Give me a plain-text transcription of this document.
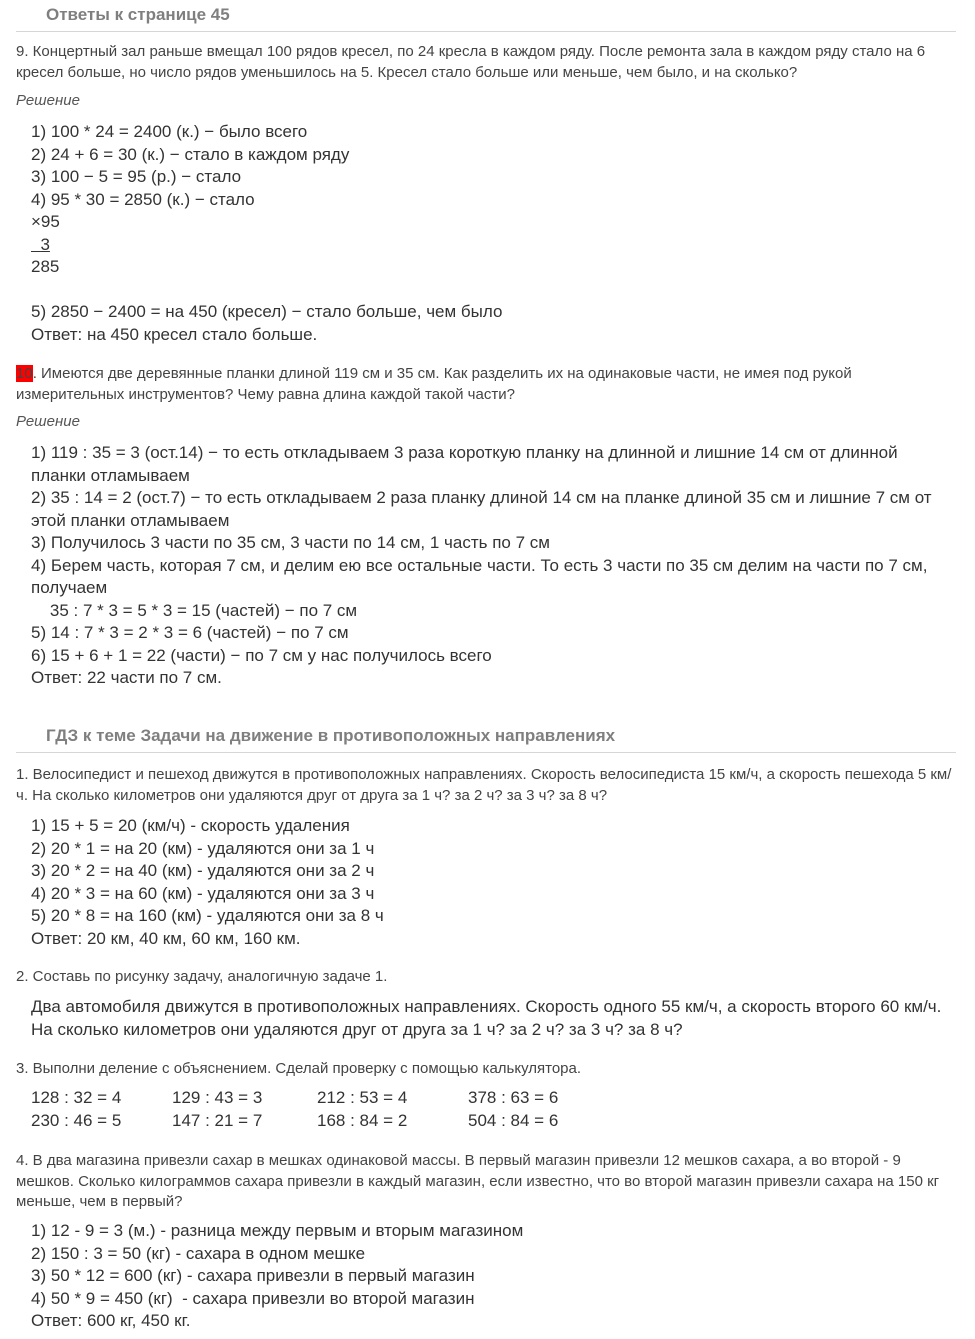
Ответы к странице 45
9. Концертный зал раньше вмещал 100 рядов кресел, по 24 кресла в каждом ряду. После ремонта зала в каждом ряду стало на 6 кресел больше, но число рядов уменьшилось на 5. Кресел стало больше или меньше, чем было, и на сколько?
Решение
1) 100 * 24 = 2400 (к.) − было всего
2) 24 + 6 = 30 (к.) − стало в каждом ряду
3) 100 − 5 = 95 (р.) − стало
4) 95 * 30 = 2850 (к.) − стало
×95
3
285

5) 2850 − 2400 = на 450 (кресел) − стало больше, чем было
Ответ: на 450 кресел стало больше.
10. Имеются две деревянные планки длиной 119 см и 35 см. Как разделить их на одинаковые части, не имея под рукой измерительных инструментов? Чему равна длина каждой такой части?
Решение
1) 119 : 35 = 3 (ост.14) − то есть откладываем 3 раза короткую планку на длинной и лишние 14 см от длинной планки отламываем
2) 35 : 14 = 2 (ост.7) − то есть откладываем 2 раза планку длиной 14 см на планке длиной 35 см и лишние 7 см от этой планки отламываем
3) Получилось 3 части по 35 см, 3 части по 14 см, 1 часть по 7 см
4) Берем часть, которая 7 см, и делим ею все остальные части. То есть 3 части по 35 см делим на части по 7 см, получаем
35 : 7 * 3 = 5 * 3 = 15 (частей) − по 7 см
5) 14 : 7 * 3 = 2 * 3 = 6 (частей) − по 7 см
6) 15 + 6 + 1 = 22 (части) − по 7 см у нас получилось всего
Ответ: 22 части по 7 см.
ГДЗ к теме Задачи на движение в противоположных направлениях
1. Велосипедист и пешеход движутся в противоположных направлениях. Скорость велосипедиста 15 км/ч, а скорость пешехода 5 км/ч. На сколько километров они удаляются друг от друга за 1 ч? за 2 ч? за 3 ч? за 8 ч?
1) 15 + 5 = 20 (км/ч) - скорость удаления
2) 20 * 1 = на 20 (км) - удаляются они за 1 ч
3) 20 * 2 = на 40 (км) - удаляются они за 2 ч
4) 20 * 3 = на 60 (км) - удаляются они за 3 ч
5) 20 * 8 = на 160 (км) - удаляются они за 8 ч
Ответ: 20 км, 40 км, 60 км, 160 км.
2. Составь по рисунку задачу, аналогичную задаче 1.
Два автомобиля движутся в противоположных направлениях. Скорость одного 55 км/ч, а скорость второго 60 км/ч. На сколько километров они удаляются друг от друга за 1 ч? за 2 ч? за 3 ч? за 8 ч?
3. Выполни деление с объяснением. Сделай проверку с помощью калькулятора.
128 : 32 = 4	129 : 43 = 3	212 : 53 = 4	378 : 63 = 6
230 : 46 = 5	147 : 21 = 7	168 : 84 = 2	504 : 84 = 6
4. В два магазина привезли сахар в мешках одинаковой массы. В первый магазин привезли 12 мешков сахара, а во второй - 9 мешков. Сколько килограммов сахара привезли в каждый магазин, если известно, что во второй магазин привезли сахара на 150 кг меньше, чем в первый?
1) 12 - 9 = 3 (м.) - разница между первым и вторым магазином
2) 150 : 3 = 50 (кг) - сахара в одном мешке
3) 50 * 12 = 600 (кг) - сахара привезли в первый магазин
4) 50 * 9 = 450 (кг)  - сахара привезли во второй магазин
Ответ: 600 кг, 450 кг.
